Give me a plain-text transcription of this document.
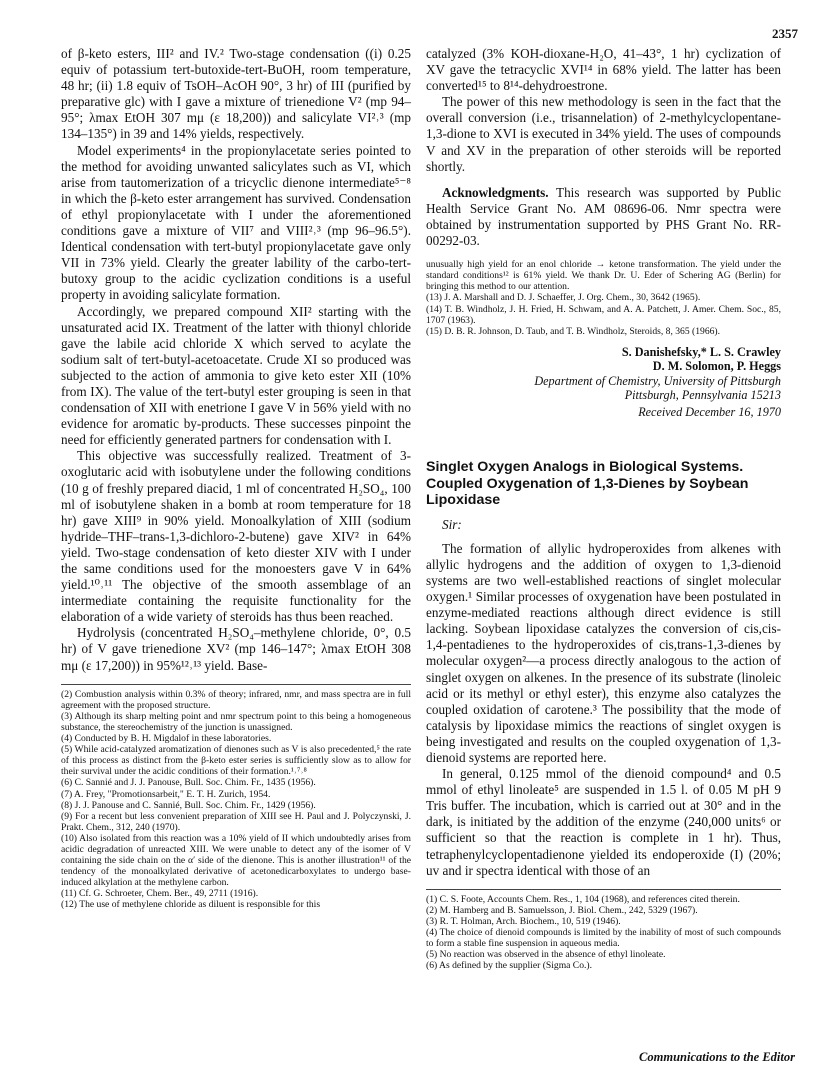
2357

of β-keto esters, III² and IV.² Two-stage condensation ((i) 0.25 equiv of potassium tert-butoxide-tert-BuOH, room temperature, 48 hr; (ii) 1.8 equiv of TsOH–AcOH 90°, 3 hr) of III (purified by preparative glc) with I gave a mixture of trienedione V² (mp 94–95°; λmax EtOH 307 mμ (ε 18,200)) and salicylate VI²˒³ (mp 134–135°) in 39 and 14% yields, respectively.

Model experiments⁴ in the propionylacetate series pointed to the method for avoiding unwanted salicylates such as VI, which arise from tautomerization of a tricyclic dienone intermediate⁵⁻⁸ in which the β-keto ester arrangement has survived. Condensation of ethyl propionylacetate with I under the aforementioned conditions gave a mixture of VII⁷ and VIII²˒³ (mp 96–96.5°). Identical condensation with tert-butyl propionylacetate gave only VII in 73% yield. Clearly the greater lability of the carbo-tert-butoxy group to the acidic cyclization conditions is a useful property in avoiding salicylate formation.

Accordingly, we prepared compound XII² starting with the unsaturated acid IX. Treatment of the latter with thionyl chloride gave the labile acid chloride X which served to acylate the sodium salt of tert-butyl-acetoacetate. Crude XI so produced was subjected to the action of ammonia to give keto ester XII (10% from IX). The value of the tert-butyl ester grouping is seen in that condensation of XII with enetrione I gave V in 56% yield with no evidence for aromatic by-products. These successes pinpoint the need for efficiently generated partners for condensation with I.

This objective was successfully realized. Treatment of 3-oxoglutaric acid with isobutylene under the following conditions (10 g of freshly prepared diacid, 1 ml of concentrated H₂SO₄, 100 ml of isobutylene shaken in a bomb at room temperature for 18 hr) gave XIII⁹ in 90% yield. Monoalkylation of XIII (sodium hydride–THF–trans-1,3-dichloro-2-butene) gave XIV² in 64% yield. Two-stage condensation of keto diester XIV with I under the same conditions used for the monoesters gave V in 64% yield.¹⁰˒¹¹ The objective of the smooth assemblage of an intermediate containing the requisite functionality for the elaboration of a wide variety of steroids has thus been reached.

Hydrolysis (concentrated H₂SO₄–methylene chloride, 0°, 0.5 hr) of V gave trienedione XV² (mp 146–147°; λmax EtOH 308 mμ (ε 17,200)) in 95%¹²˒¹³ yield. Base-

(2) Combustion analysis within 0.3% of theory; infrared, nmr, and mass spectra are in full agreement with the proposed structure.

(3) Although its sharp melting point and nmr spectrum point to this being a homogeneous substance, the stereochemistry of the junction is unassigned.

(4) Conducted by B. H. Migdalof in these laboratories.

(5) While acid-catalyzed aromatization of dienones such as V is also precedented,⁵ the rate of this process as distinct from the β-keto ester series is sufficiently slow as to allow for their survival under the acidic conditions of their formation.¹˒⁷˒⁸

(6) C. Sannié and J. J. Panouse, Bull. Soc. Chim. Fr., 1435 (1956).

(7) A. Frey, "Promotionsarbeit," E. T. H. Zurich, 1954.

(8) J. J. Panouse and C. Sannié, Bull. Soc. Chim. Fr., 1429 (1956).

(9) For a recent but less convenient preparation of XIII see H. Paul and J. Polyczynski, J. Prakt. Chem., 312, 240 (1970).

(10) Also isolated from this reaction was a 10% yield of II which undoubtedly arises from acidic degradation of unreacted XIII. We were unable to detect any of the isomer of V containing the side chain on the α′ side of the dienone. This is another illustration¹¹ of the tendency of the monoalkylated derivative of acetonedicarboxylates to undergo base-induced alkylation at the methylene carbon.

(11) Cf. G. Schroeter, Chem. Ber., 49, 2711 (1916).

(12) The use of methylene chloride as diluent is responsible for this

catalyzed (3% KOH-dioxane-H₂O, 41–43°, 1 hr) cyclization of XV gave the tetracyclic XVI¹⁴ in 68% yield. The latter has been converted¹⁵ to 8¹⁴-dehydroestrone.

The power of this new methodology is seen in the fact that the overall conversion (i.e., trisannelation) of 2-methylcyclopentane-1,3-dione to XVI is executed in 34% yield. The uses of compounds V and XV in the preparation of other steroids will be reported shortly.

Acknowledgments. This research was supported by Public Health Service Grant No. AM 08696-06. Nmr spectra were obtained by instrumentation supported by PHS Grant No. RR-00292-03.

unusually high yield for an enol chloride → ketone transformation. The yield under the standard conditions¹² is 61% yield. We thank Dr. U. Eder of Schering AG (Berlin) for bringing this method to our attention.

(13) J. A. Marshall and D. J. Schaeffer, J. Org. Chem., 30, 3642 (1965).

(14) T. B. Windholz, J. H. Fried, H. Schwam, and A. A. Patchett, J. Amer. Chem. Soc., 85, 1707 (1963).

(15) D. B. R. Johnson, D. Taub, and T. B. Windholz, Steroids, 8, 365 (1966).

S. Danishefsky,* L. S. Crawley
D. M. Solomon, P. Heggs
Department of Chemistry, University of Pittsburgh
Pittsburgh, Pennsylvania 15213
Received December 16, 1970
Singlet Oxygen Analogs in Biological Systems. Coupled Oxygenation of 1,3-Dienes by Soybean Lipoxidase
Sir:

The formation of allylic hydroperoxides from alkenes with allylic hydrogens and the addition of oxygen to 1,3-dienoid systems are two well-established reactions of singlet molecular oxygen.¹ Similar processes of oxygenation have been postulated in enzyme-mediated reactions although direct evidence is still lacking. Soybean lipoxidase catalyzes the conversion of cis,cis-1,4-pentadienes to the hydroperoxides of cis,trans-1,3-dienes by molecular oxygen²—a process directly analogous to the action of singlet oxygen on alkenes. In the presence of its substrate (linoleic acid or its methyl or ethyl ester), this enzyme also catalyzes the coupled oxidation of carotene.³ The possibility that the mode of catalysis by lipoxidase mimics the reactions of singlet oxygen is being investigated and results on the coupled oxygenation of 1,3-dienoid systems are reported here.

In general, 0.125 mmol of the dienoid compound⁴ and 0.5 mmol of ethyl linoleate⁵ are suspended in 1.5 l. of 0.05 M pH 9 Tris buffer. The incubation, which is carried out at 30° and in the dark, is initiated by the addition of the enzyme (240,000 units⁶ or sufficient so that the reaction is complete in 1 hr). Thus, tetraphenylcyclopentadienone yielded its endoperoxide (I) (20%; uv and ir spectra identical with those of an

(1) C. S. Foote, Accounts Chem. Res., 1, 104 (1968), and references cited therein.

(2) M. Hamberg and B. Samuelsson, J. Biol. Chem., 242, 5329 (1967).

(3) R. T. Holman, Arch. Biochem., 10, 519 (1946).

(4) The choice of dienoid compounds is limited by the inability of most of such compounds to form a stable fine suspension in aqueous media.

(5) No reaction was observed in the absence of ethyl linoleate.

(6) As defined by the supplier (Sigma Co.).

Communications to the Editor
